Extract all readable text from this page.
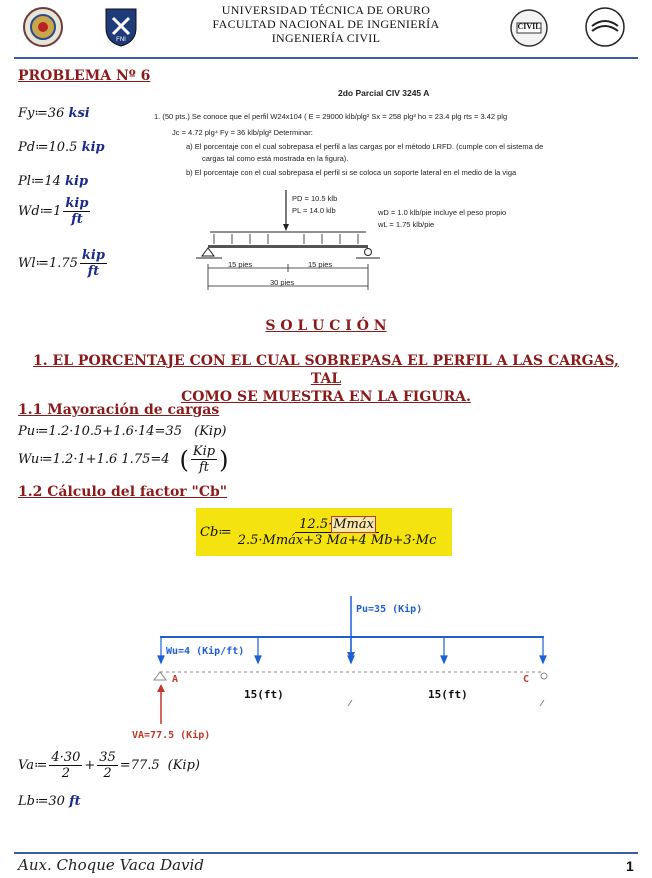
FNI
UNIVERSIDAD TÉCNICA DE ORURO
FACULTAD NACIONAL DE INGENIERÍA
INGENIERÍA CIVIL
CIVIL
PROBLEMA Nº 6
Fy≔36 ksi
Pd≔10.5 kip
Pl≔14 kip
Wd≔1 $\frac{\text{kip}}{ft}$
Wl≔1.75 $\frac{\text{kip}}{ft}$
2do Parcial CIV 3245 A
1. (50 pts.) Se conoce que el perfil W24x104 ( E = 29000 klb/plg² Sx = 258 plg³ ho = 23.4 plg rts = 3.42 plg
Jc = 4.72 plg⁴ Fy = 36 klb/plg² Determinar:
a) El porcentaje con el cual sobrepasa el perfil a las cargas por el método LRFD. (cumple con el sistema de
cargas tal como está mostrada en la figura).
b) El porcentaje con el cual sobrepasa el perfil si se coloca un soporte lateral en el medio de la viga
PD = 10.5 klb
PL = 14.0 klb	wD = 1.0 klb/pie incluye el peso propio
wL = 1.75 klb/pie
15 pies	15 pies
30 pies
S O L U C I Ó N
1. EL PORCENTAJE CON EL CUAL SOBREPASA EL PERFIL A LAS CARGAS, TAL
COMO SE MUESTRA EN LA FIGURA.
1.1 Mayoración de cargas
Pu≔1.2·10.5+1.6·14=35 (Kip)
Wu≔1.2·1+1.6 1.75=4 ( $\frac{\text{Kip}}{ft}$ )
1.2 Cálculo del factor "Cb"
Cb≔ $\frac{\text{12.5·Mmáx}}{\text{2.5·Mmáx+3 Ma+4 Mb+3·Mc}}$
Pu=35 (Kip)
Wu=4 (Kip/ft)
A	C
15(ft)	15(ft)
VA=77.5 (Kip)
Va≔ $\frac{4\cdot 30}{2} + \frac{35}{2} =77.5$ (Kip)
Lb≔30 ft
Aux. Choque Vaca David	1
